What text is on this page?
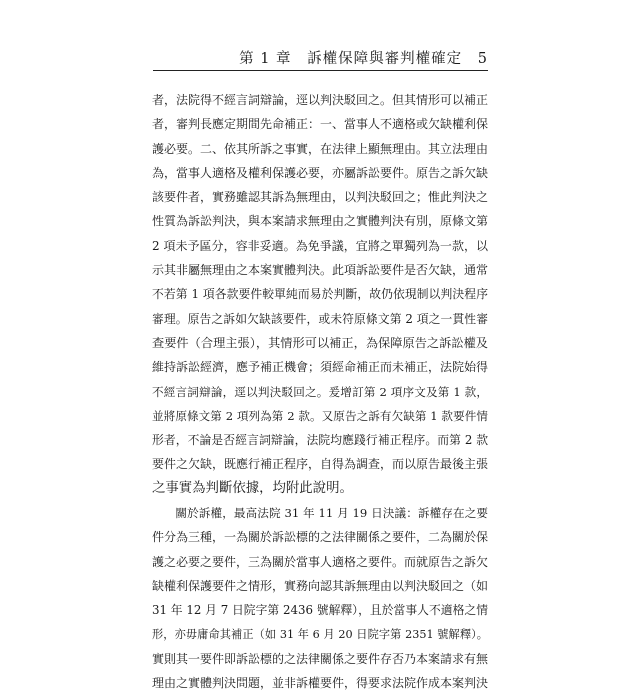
第 1 章 訴權保障與審判權確定 5
者，法院得不經言詞辯論，逕以判決駁回之。但其情形可以補正
者，審判長應定期間先命補正：一、當事人不適格或欠缺權利保
護必要。二、依其所訴之事實，在法律上顯無理由。其立法理由
為，當事人適格及權利保護必要，亦屬訴訟要件。原告之訴欠缺
該要件者，實務雖認其訴為無理由，以判決駁回之；惟此判決之
性質為訴訟判決，與本案請求無理由之實體判決有別，原條文第
2 項未予區分，容非妥適。為免爭議，宜將之單獨列為一款，以
示其非屬無理由之本案實體判決。此項訴訟要件是否欠缺，通常
不若第 1 項各款要件較單純而易於判斷，故仍依現制以判決程序
審理。原告之訴如欠缺該要件，或未符原條文第 2 項之一貫性審
查要件（合理主張），其情形可以補正，為保障原告之訴訟權及
維持訴訟經濟，應予補正機會；須經命補正而未補正，法院始得
不經言詞辯論，逕以判決駁回之。爰增訂第 2 項序文及第 1 款，
並將原條文第 2 項列為第 2 款。又原告之訴有欠缺第 1 款要件情
形者，不論是否經言詞辯論，法院均應踐行補正程序。而第 2 款
要件之欠缺，既應行補正程序，自得為調查，而以原告最後主張
之事實為判斷依據，均附此說明。
　　關於訴權，最高法院 31 年 11 月 19 日決議：訴權存在之要
件分為三種，一為關於訴訟標的之法律關係之要件，二為關於保
護之必要之要件，三為關於當事人適格之要件。而就原告之訴欠
缺權利保護要件之情形，實務向認其訴無理由以判決駁回之（如
31 年 12 月 7 日院字第 2436 號解釋），且於當事人不適格之情
形，亦毋庸命其補正（如 31 年 6 月 20 日院字第 2351 號解釋）。
實則其一要件即訴訟標的之法律關係之要件存否乃本案請求有無
理由之實體判決問題，並非訴權要件，得要求法院作成本案判決
